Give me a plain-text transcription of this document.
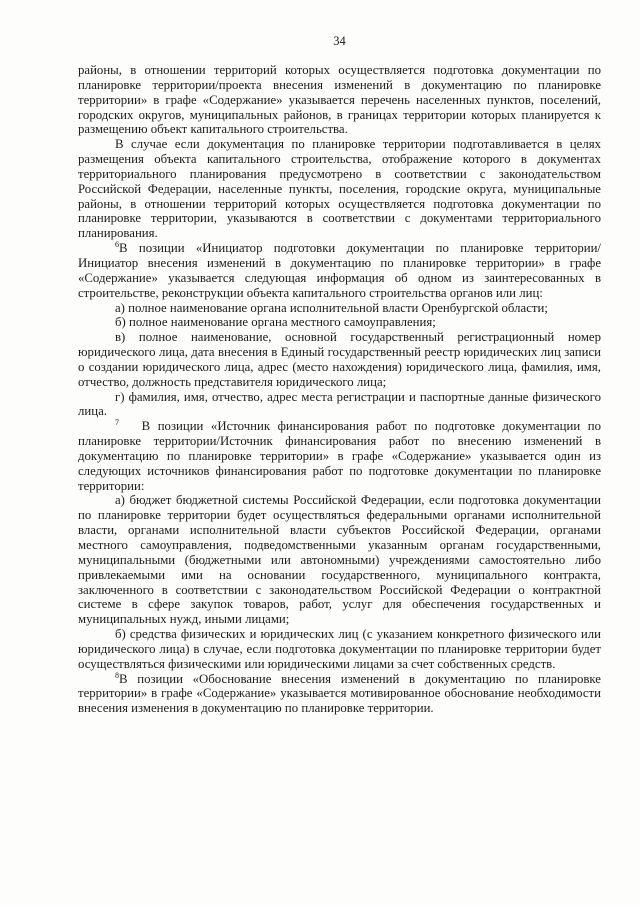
34

районы, в отношении территорий которых осуществляется подготовка документации по планировке территории/проекта внесения изменений в документацию по планировке территории» в графе «Содержание» указывается перечень населенных пунктов, поселений, городских округов, муниципальных районов, в границах территории которых планируется к размещению объект капитального строительства.

В случае если документация по планировке территории подготавливается в целях размещения объекта капитального строительства, отображение которого в документах территориального планирования предусмотрено в соответствии с законодательством Российской Федерации, населенные пункты, поселения, городские округа, муниципальные районы, в отношении территорий которых осуществляется подготовка документации по планировке территории, указываются в соответствии с документами территориального планирования.

$^6$В позиции «Инициатор подготовки документации по планировке территории/Инициатор внесения изменений в документацию по планировке территории» в графе «Содержание» указывается следующая информация об одном из заинтересованных в строительстве, реконструкции объекта капитального строительства органов или лиц:

а) полное наименование органа исполнительной власти Оренбургской области;

б) полное наименование органа местного самоуправления;

в) полное наименование, основной государственный регистрационный номер юридического лица, дата внесения в Единый государственный реестр юридических лиц записи о создании юридического лица, адрес (место нахождения) юридического лица, фамилия, имя, отчество, должность представителя юридического лица;

г) фамилия, имя, отчество, адрес места регистрации и паспортные данные физического лица.

$^7$ В позиции «Источник финансирования работ по подготовке документации по планировке территории/Источник финансирования работ по внесению изменений в документацию по планировке территории» в графе «Содержание» указывается один из следующих источников финансирования работ по подготовке документации по планировке территории:

а) бюджет бюджетной системы Российской Федерации, если подготовка документации по планировке территории будет осуществляться федеральными органами исполнительной власти, органами исполнительной власти субъектов Российской Федерации, органами местного самоуправления, подведомственными указанным органам государственными, муниципальными (бюджетными или автономными) учреждениями самостоятельно либо привлекаемыми ими на основании государственного, муниципального контракта, заключенного в соответствии с законодательством Российской Федерации о контрактной системе в сфере закупок товаров, работ, услуг для обеспечения государственных и муниципальных нужд, иными лицами;

б) средства физических и юридических лиц (с указанием конкретного физического или юридического лица) в случае, если подготовка документации по планировке территории будет осуществляться физическими или юридическими лицами за счет собственных средств.

$^8$В позиции «Обоснование внесения изменений в документацию по планировке территории» в графе «Содержание» указывается мотивированное обоснование необходимости внесения изменения в документацию по планировке территории.
